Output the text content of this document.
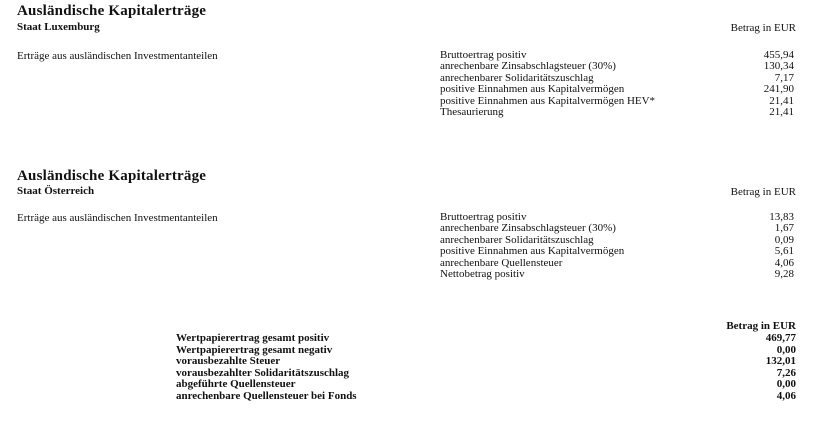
Ausländische Kapitalerträge
Staat Luxemburg	Betrag in EUR
Erträge aus ausländischen Investmentanteilen	Bruttoertrag positiv	455,94
anrechenbare Zinsabschlagsteuer (30%)	130,34
anrechenbarer Solidaritätszuschlag	7,17
positive Einnahmen aus Kapitalvermögen	241,90
positive Einnahmen aus Kapitalvermögen HEV*	21,41
Thesaurierung	21,41
Ausländische Kapitalerträge
Staat Österreich	Betrag in EUR
Erträge aus ausländischen Investmentanteilen	Bruttoertrag positiv	13,83
anrechenbare Zinsabschlagsteuer (30%)	1,67
anrechenbarer Solidaritätszuschlag	0,09
positive Einnahmen aus Kapitalvermögen	5,61
anrechenbare Quellensteuer	4,06
Nettobetrag positiv	9,28
Betrag in EUR
Wertpapierertrag gesamt positiv	469,77
Wertpapierertrag gesamt negativ	0,00
vorausbezahlte Steuer	132,01
vorausbezahlter Solidaritätszuschlag	7,26
abgeführte Quellensteuer	0,00
anrechenbare Quellensteuer bei Fonds	4,06
